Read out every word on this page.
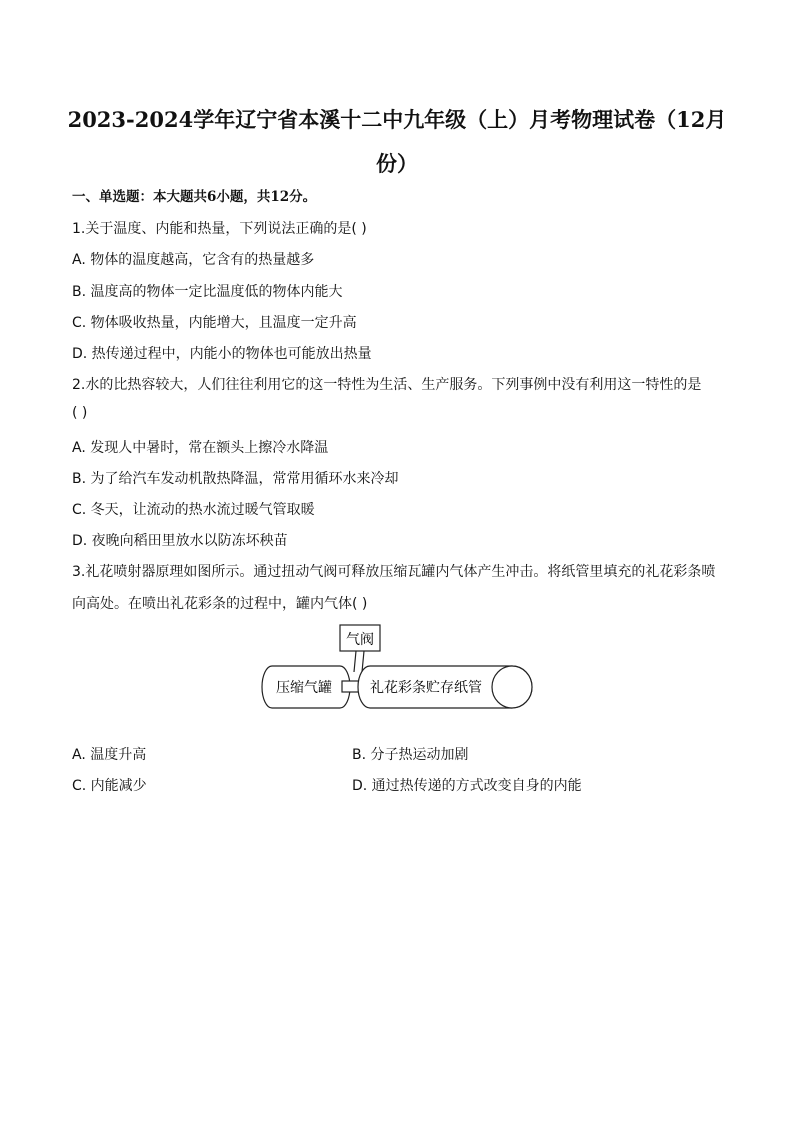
2023-2024学年辽宁省本溪十二中九年级（上）月考物理试卷（12月
份）
一、单选题：本大题共6小题，共12分。
1.关于温度、内能和热量，下列说法正确的是( )
A. 物体的温度越高，它含有的热量越多
B. 温度高的物体一定比温度低的物体内能大
C. 物体吸收热量，内能增大，且温度一定升高
D. 热传递过程中，内能小的物体也可能放出热量
2.水的比热容较大，人们往往利用它的这一特性为生活、生产服务。下列事例中没有利用这一特性的是
( )
A. 发现人中暑时，常在额头上擦冷水降温
B. 为了给汽车发动机散热降温，常常用循环水来冷却
C. 冬天，让流动的热水流过暖气管取暖
D. 夜晚向稻田里放水以防冻坏秧苗
3.礼花喷射器原理如图所示。通过扭动气阀可释放压缩瓦罐内气体产生冲击。将纸管里填充的礼花彩条喷
向高处。在喷出礼花彩条的过程中，罐内气体( )
气阀
压缩气罐	礼花彩条贮存纸管
A. 温度升高	B. 分子热运动加剧
C. 内能减少	D. 通过热传递的方式改变自身的内能
